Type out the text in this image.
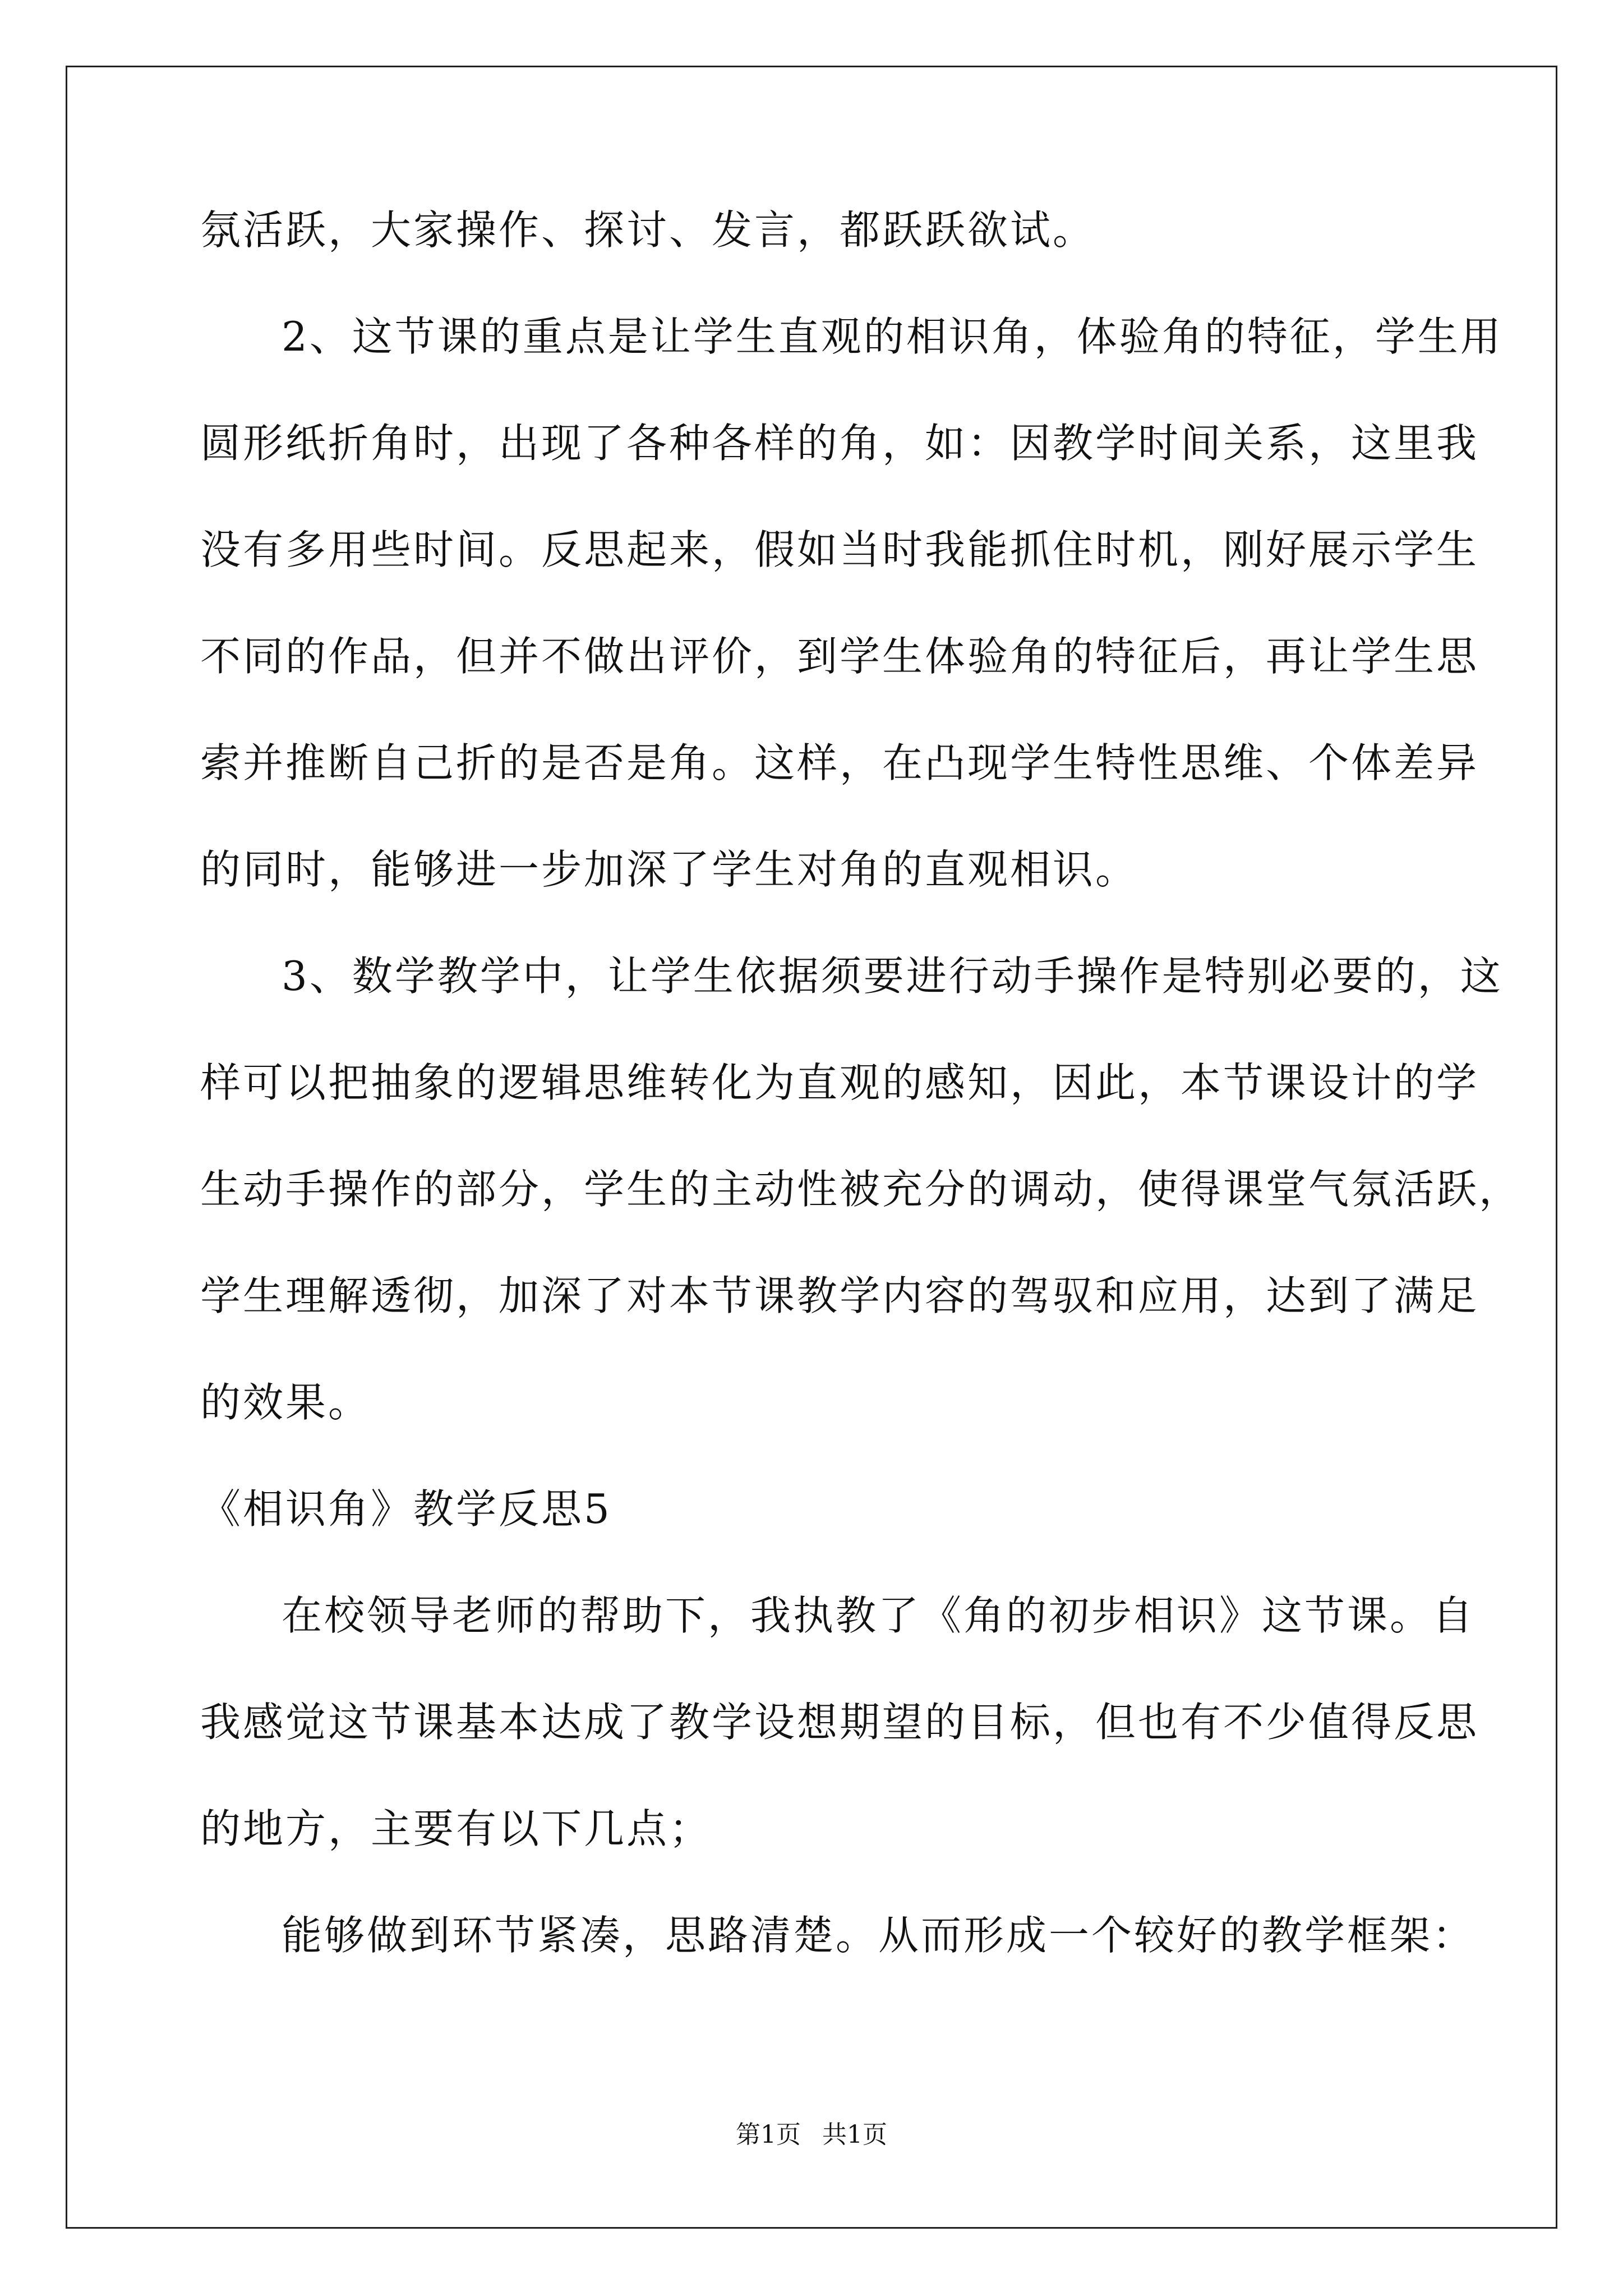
氛活跃，大家操作、探讨、发言，都跃跃欲试。
2、这节课的重点是让学生直观的相识角，体验角的特征，学生用
圆形纸折角时，出现了各种各样的角，如：因教学时间关系，这里我
没有多用些时间。反思起来，假如当时我能抓住时机，刚好展示学生
不同的作品，但并不做出评价，到学生体验角的特征后，再让学生思
索并推断自己折的是否是角。这样，在凸现学生特性思维、个体差异
的同时，能够进一步加深了学生对角的直观相识。
3、数学教学中，让学生依据须要进行动手操作是特别必要的，这
样可以把抽象的逻辑思维转化为直观的感知，因此，本节课设计的学
生动手操作的部分，学生的主动性被充分的调动，使得课堂气氛活跃，
学生理解透彻，加深了对本节课教学内容的驾驭和应用，达到了满足
的效果。
《相识角》教学反思5
在校领导老师的帮助下，我执教了《角的初步相识》这节课。自
我感觉这节课基本达成了教学设想期望的目标，但也有不少值得反思
的地方，主要有以下几点；
能够做到环节紧凑，思路清楚。从而形成一个较好的教学框架：
第1页 共1页
